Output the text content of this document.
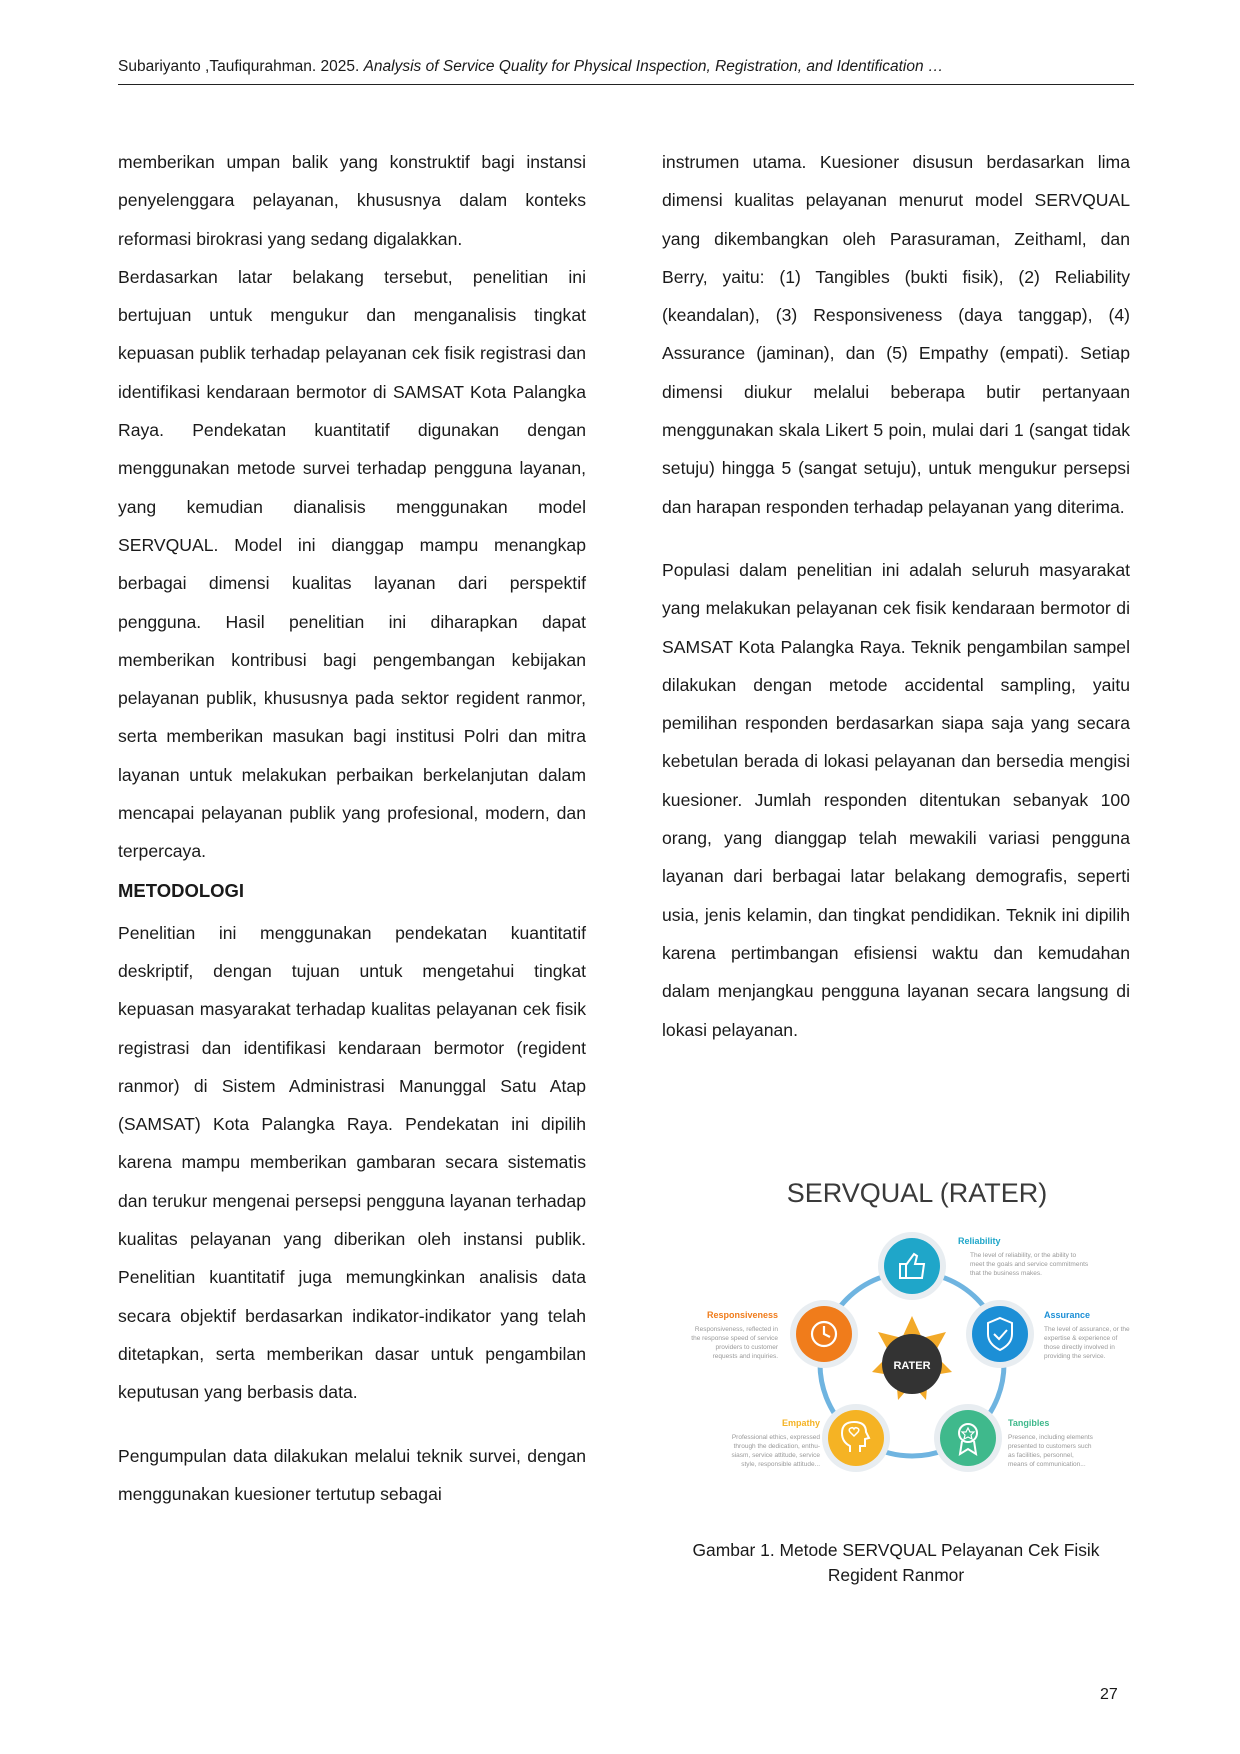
Subariyanto ,Taufiqurahman. 2025. Analysis of Service Quality for Physical Inspection, Registration, and Identification …

memberikan umpan balik yang konstruktif bagi instansi penyelenggara pelayanan, khususnya dalam konteks reformasi birokrasi yang sedang digalakkan.

Berdasarkan latar belakang tersebut, penelitian ini bertujuan untuk mengukur dan menganalisis tingkat kepuasan publik terhadap pelayanan cek fisik registrasi dan identifikasi kendaraan bermotor di SAMSAT Kota Palangka Raya. Pendekatan kuantitatif digunakan dengan menggunakan metode survei terhadap pengguna layanan, yang kemudian dianalisis menggunakan model SERVQUAL. Model ini dianggap mampu menangkap berbagai dimensi kualitas layanan dari perspektif pengguna. Hasil penelitian ini diharapkan dapat memberikan kontribusi bagi pengembangan kebijakan pelayanan publik, khususnya pada sektor regident ranmor, serta memberikan masukan bagi institusi Polri dan mitra layanan untuk melakukan perbaikan berkelanjutan dalam mencapai pelayanan publik yang profesional, modern, dan terpercaya.

METODOLOGI

Penelitian ini menggunakan pendekatan kuantitatif deskriptif, dengan tujuan untuk mengetahui tingkat kepuasan masyarakat terhadap kualitas pelayanan cek fisik registrasi dan identifikasi kendaraan bermotor (regident ranmor) di Sistem Administrasi Manunggal Satu Atap (SAMSAT) Kota Palangka Raya. Pendekatan ini dipilih karena mampu memberikan gambaran secara sistematis dan terukur mengenai persepsi pengguna layanan terhadap kualitas pelayanan yang diberikan oleh instansi publik. Penelitian kuantitatif juga memungkinkan analisis data secara objektif berdasarkan indikator-indikator yang telah ditetapkan, serta memberikan dasar untuk pengambilan keputusan yang berbasis data.

Pengumpulan data dilakukan melalui teknik survei, dengan menggunakan kuesioner tertutup sebagai

instrumen utama. Kuesioner disusun berdasarkan lima dimensi kualitas pelayanan menurut model SERVQUAL yang dikembangkan oleh Parasuraman, Zeithaml, dan Berry, yaitu: (1) Tangibles (bukti fisik), (2) Reliability (keandalan), (3) Responsiveness (daya tanggap), (4) Assurance (jaminan), dan (5) Empathy (empati). Setiap dimensi diukur melalui beberapa butir pertanyaan menggunakan skala Likert 5 poin, mulai dari 1 (sangat tidak setuju) hingga 5 (sangat setuju), untuk mengukur persepsi dan harapan responden terhadap pelayanan yang diterima.

Populasi dalam penelitian ini adalah seluruh masyarakat yang melakukan pelayanan cek fisik kendaraan bermotor di SAMSAT Kota Palangka Raya. Teknik pengambilan sampel dilakukan dengan metode accidental sampling, yaitu pemilihan responden berdasarkan siapa saja yang secara kebetulan berada di lokasi pelayanan dan bersedia mengisi kuesioner. Jumlah responden ditentukan sebanyak 100 orang, yang dianggap telah mewakili variasi pengguna layanan dari berbagai latar belakang demografis, seperti usia, jenis kelamin, dan tingkat pendidikan. Teknik ini dipilih karena pertimbangan efisiensi waktu dan kemudahan dalam menjangkau pengguna layanan secara langsung di lokasi pelayanan.

SERVQUAL (RATER)
RATER
Reliability
The level of reliability, or the ability to
meet the goals and service commitments
that the business makes.
Assurance
The level of assurance, or the
expertise & experience of
those directly involved in
providing the service.
Tangibles
Presence, including elements
presented to customers such
as facilities, personnel,
means of communication...
Empathy
Professional ethics, expressed
through the dedication, enthu-
siasm, service attitude, service
style, responsible attitude...
Responsiveness
Responsiveness, reflected in
the response speed of service
providers to customer
requests and inquiries.
Gambar 1. Metode SERVQUAL Pelayanan Cek Fisik
Regident Ranmor
27
